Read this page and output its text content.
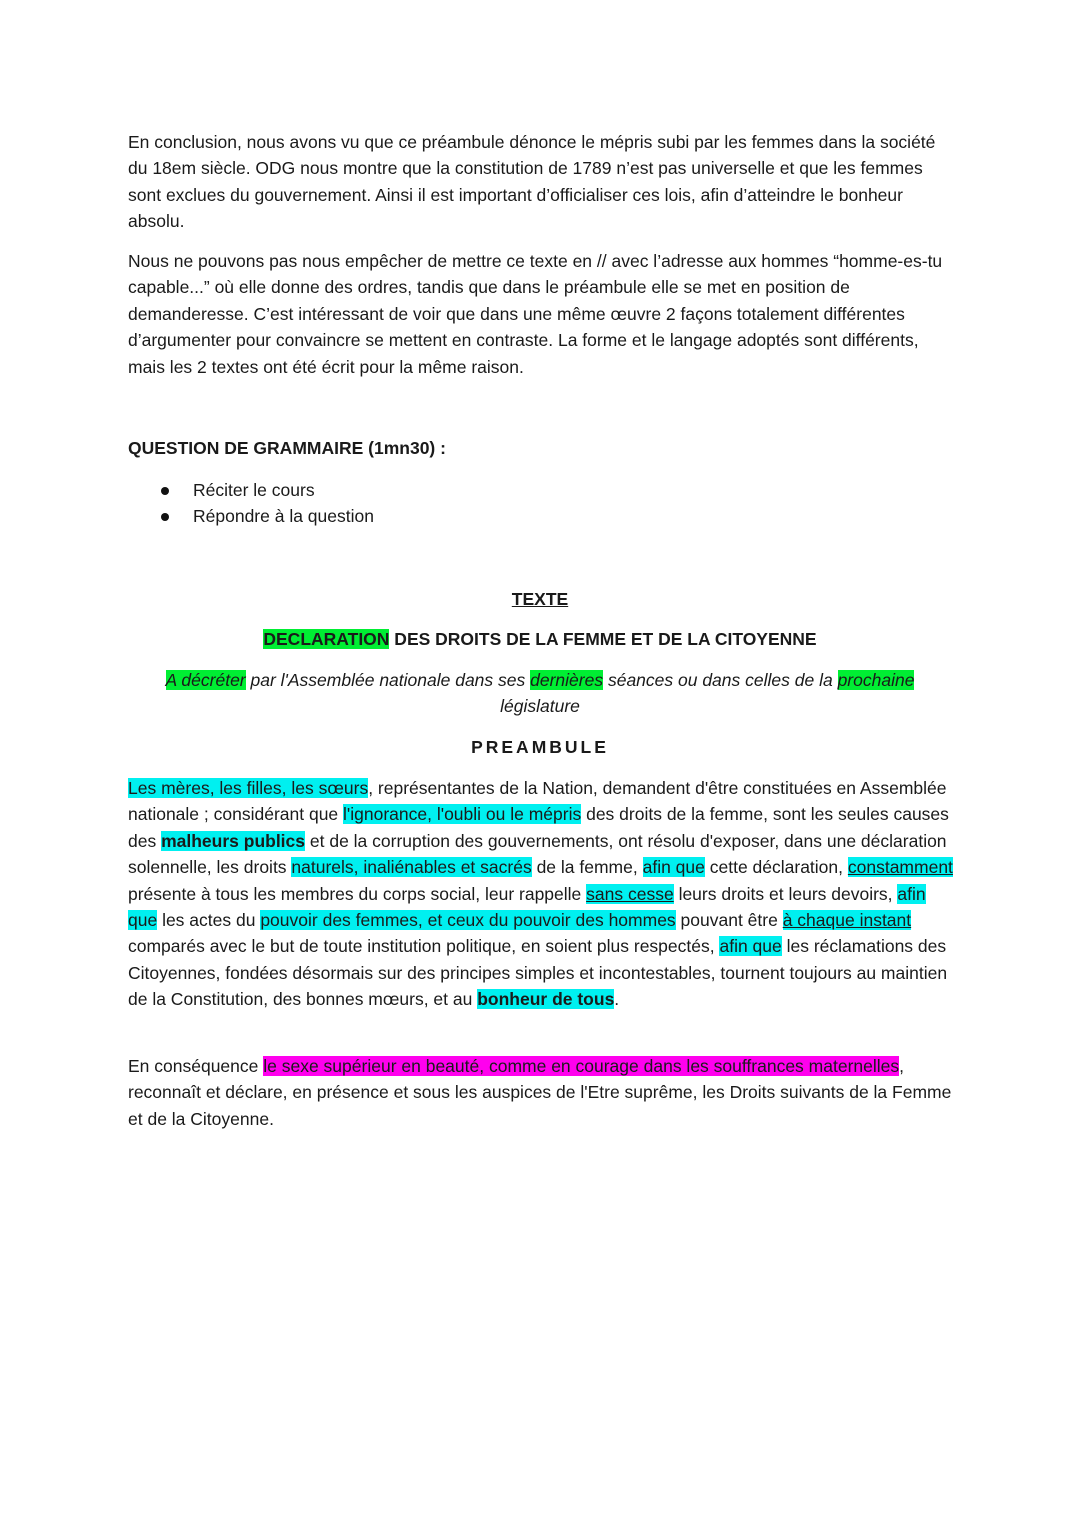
En conclusion, nous avons vu que ce préambule dénonce le mépris subi par les femmes dans la société du 18em siècle. ODG nous montre que la constitution de 1789 n’est pas universelle et que les femmes sont exclues du gouvernement. Ainsi il est important d’officialiser ces lois, afin d’atteindre le bonheur absolu.

Nous ne pouvons pas nous empêcher de mettre ce texte en // avec l’adresse aux hommes “homme-es-tu capable...” où elle donne des ordres, tandis que dans le préambule elle se met en position de demanderesse. C’est intéressant de voir que dans une même œuvre 2 façons totalement différentes d’argumenter pour convaincre se mettent en contraste. La forme et le langage adoptés sont différents, mais les 2 textes ont été écrit pour la même raison.

QUESTION DE GRAMMAIRE (1mn30) :

Réciter le cours
Répondre à la question
TEXTE
DECLARATION DES DROITS DE LA FEMME ET DE LA CITOYENNE
A décréter par l'Assemblée nationale dans ses dernières séances ou dans celles de la prochaine législature
PREAMBULE

Les mères, les filles, les sœurs, représentantes de la Nation, demandent d'être constituées en Assemblée nationale ; considérant que l'ignorance, l'oubli ou le mépris des droits de la femme, sont les seules causes des malheurs publics et de la corruption des gouvernements, ont résolu d'exposer, dans une déclaration solennelle, les droits naturels, inaliénables et sacrés de la femme, afin que cette déclaration, constamment présente à tous les membres du corps social, leur rappelle sans cesse leurs droits et leurs devoirs, afin que les actes du pouvoir des femmes, et ceux du pouvoir des hommes pouvant être à chaque instant comparés avec le but de toute institution politique, en soient plus respectés, afin que les réclamations des Citoyennes, fondées désormais sur des principes simples et incontestables, tournent toujours au maintien de la Constitution, des bonnes mœurs, et au bonheur de tous.

En conséquence le sexe supérieur en beauté, comme en courage dans les souffrances maternelles, reconnaît et déclare, en présence et sous les auspices de l'Etre suprême, les Droits suivants de la Femme et de la Citoyenne.
